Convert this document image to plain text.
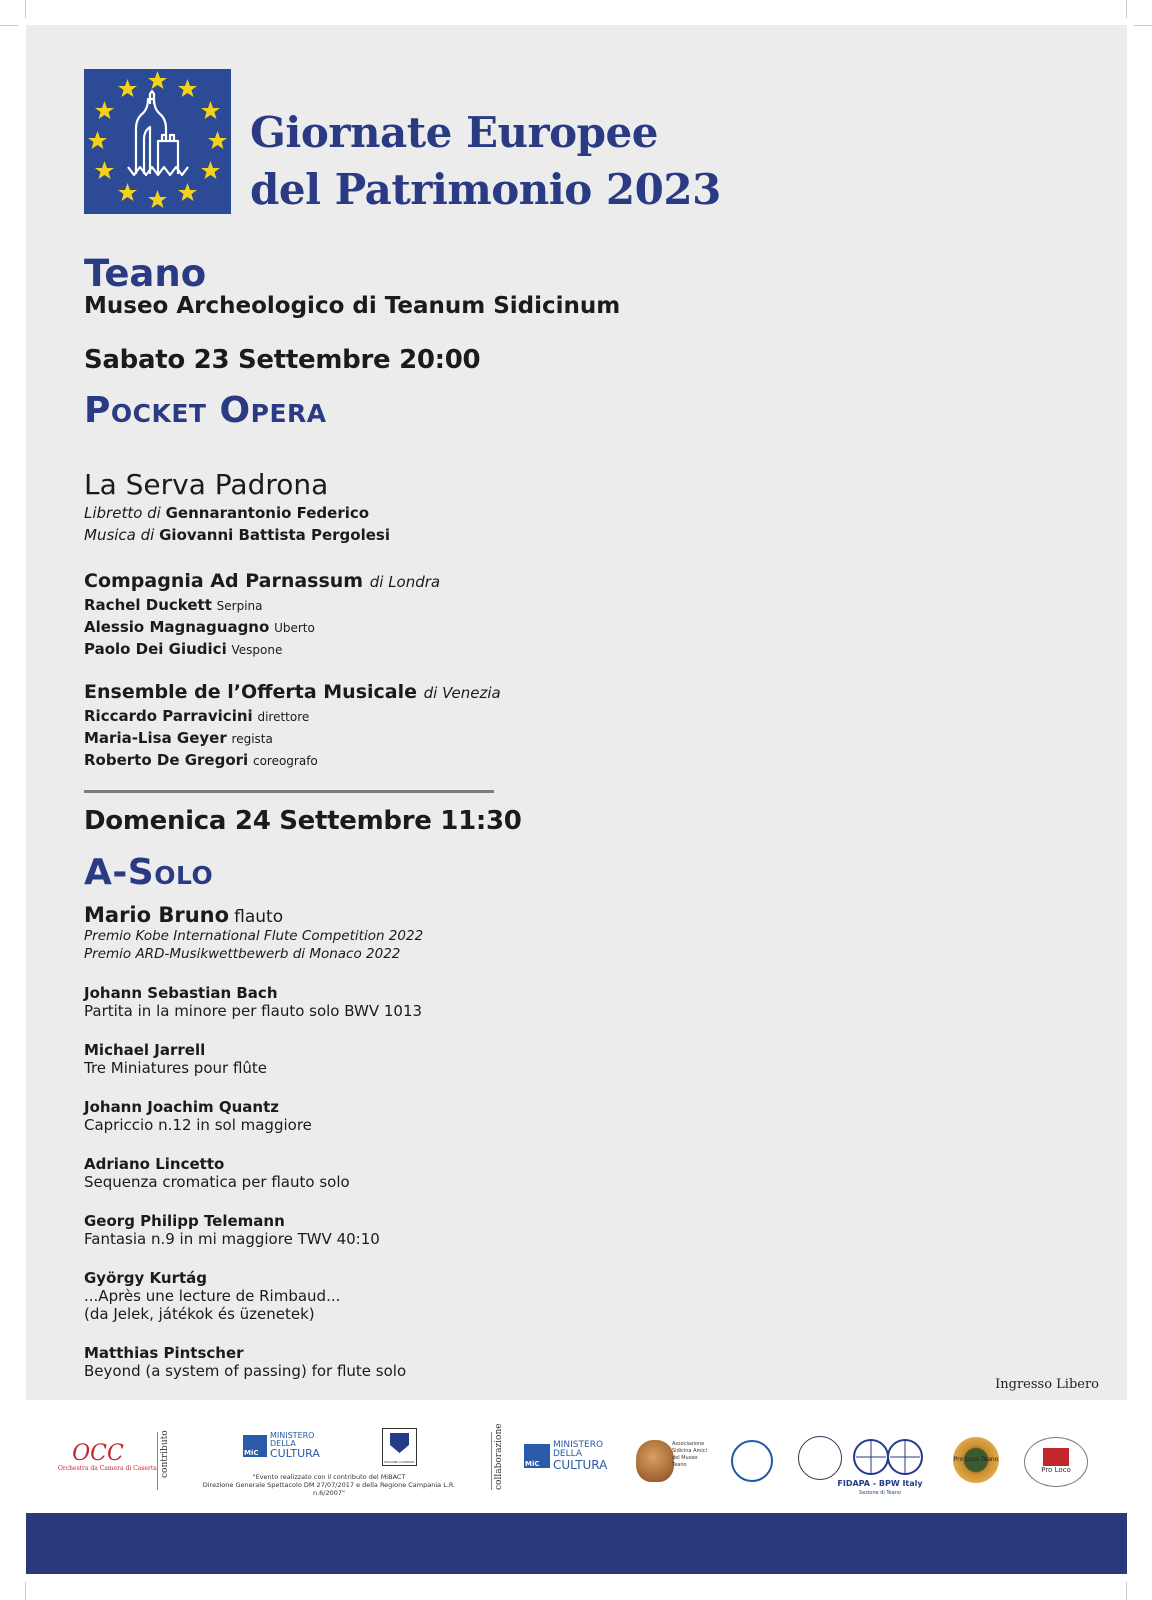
Giornate Europee
del Patrimonio 2023
Teano
Museo Archeologico di Teanum Sidicinum
Sabato 23 Settembre 20:00
Pocket Opera
La Serva Padrona
Libretto di Gennarantonio Federico
Musica di Giovanni Battista Pergolesi
Compagnia Ad Parnassum di Londra
Rachel Duckett Serpina
Alessio Magnaguagno Uberto
Paolo Dei Giudici Vespone
Ensemble de l’Offerta Musicale di Venezia
Riccardo Parravicini direttore
Maria-Lisa Geyer regista
Roberto De Gregori coreografo
Domenica 24 Settembre 11:30
A-Solo
Mario Bruno flauto
Premio Kobe International Flute Competition 2022
Premio ARD-Musikwettbewerb di Monaco 2022
Johann Sebastian Bach
Partita in la minore per flauto solo BWV 1013
Michael Jarrell
Tre Miniatures pour flûte
Johann Joachim Quantz
Capriccio n.12 in sol maggiore
Adriano Lincetto
Sequenza cromatica per flauto solo
Georg Philipp Telemann
Fantasia n.9 in mi maggiore TWV 40:10
György Kurtág
...Après une lecture de Rimbaud...
(da Jelek, játékok és üzenetek)
Matthias Pintscher
Beyond (a system of passing) for flute solo
Ingresso Libero
OCC
Orchestra da Camera di Caserta contributo	MiC
MINISTERO
DELLA
CULTURA
REGIONE CAMPANIA
"Evento realizzato con il contributo del MiBACT
Direzione Generale Spettacolo DM 27/07/2017 e della Regione Campania L.R. n.6/2007"
collaborazione	MiC
MINISTERO
DELLA
CULTURA
Associazione Sidicina Amici del Museo Teano
FIDAPA - BPW Italy
Sezione di Teano
Pro Loco Teano
Pro Loco
